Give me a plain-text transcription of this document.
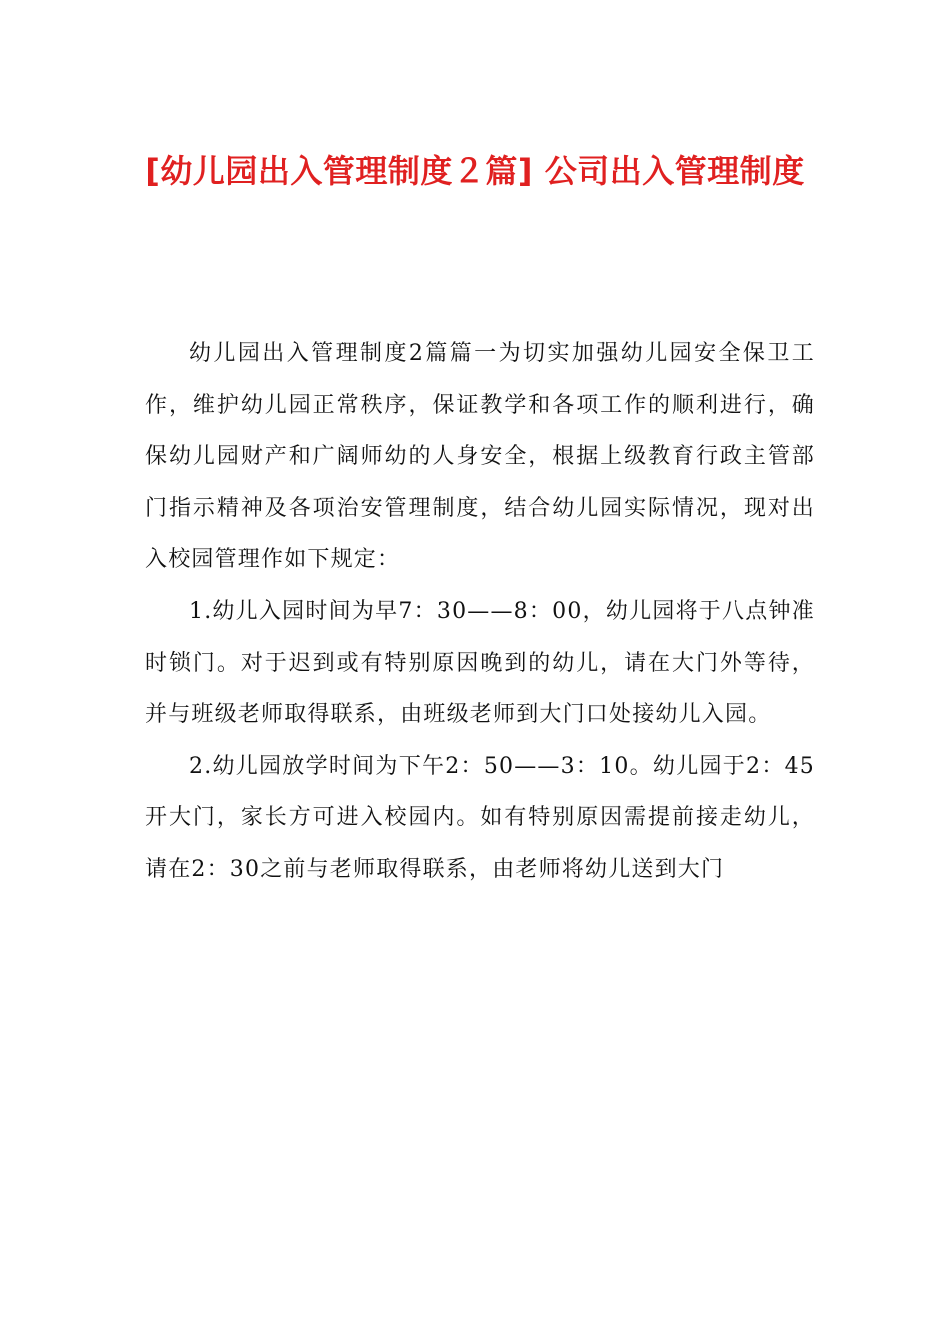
[幼儿园出入管理制度２篇] 公司出入管理制度

幼儿园出入管理制度2篇篇一为切实加强幼儿园安全保卫工作，维护幼儿园正常秩序，保证教学和各项工作的顺利进行，确保幼儿园财产和广阔师幼的人身安全，根据上级教育行政主管部门指示精神及各项治安管理制度，结合幼儿园实际情况，现对出入校园管理作如下规定：

1.幼儿入园时间为早7：30——8：00，幼儿园将于八点钟准时锁门。对于迟到或有特别原因晚到的幼儿，请在大门外等待，并与班级老师取得联系，由班级老师到大门口处接幼儿入园。

2.幼儿园放学时间为下午2：50——3：10。幼儿园于2：45开大门，家长方可进入校园内。如有特别原因需提前接走幼儿，请在2：30之前与老师取得联系，由老师将幼儿送到大门
